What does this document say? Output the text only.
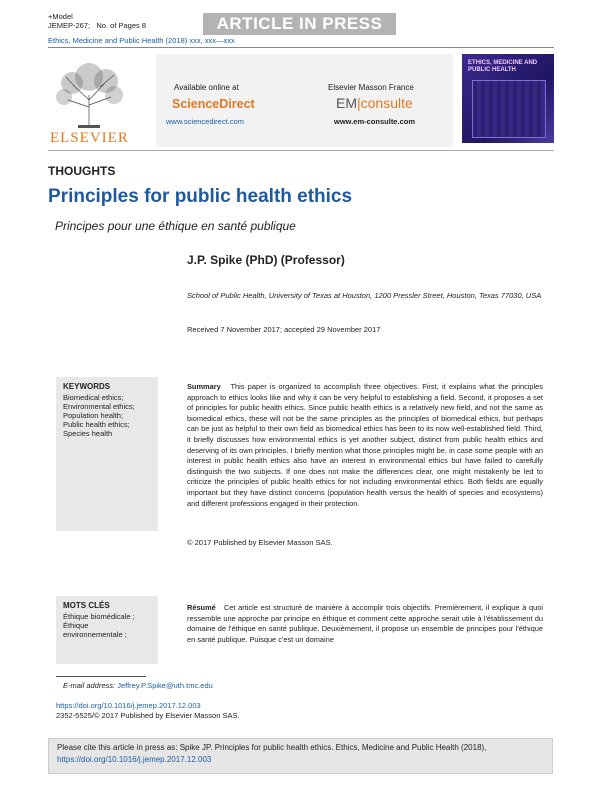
+Model
JEMEP-267; No. of Pages 8	ARTICLE IN PRESS
Ethics, Medicine and Public Health (2018) xxx, xxx—xxx
ELSEVIER
Available online at
ScienceDirect
www.sciencedirect.com
Elsevier Masson France
EM|consulte
www.em-consulte.com
ETHICS, MEDICINE AND PUBLIC HEALTH
THOUGHTS
Principles for public health ethics
Principes pour une éthique en santé publique
J.P. Spike (PhD) (Professor)
School of Public Health, University of Texas at Houston, 1200 Pressler Street, Houston, Texas 77030, USA
Received 7 November 2017; accepted 29 November 2017
KEYWORDS
Biomedical ethics;
Environmental ethics;
Population health;
Public health ethics;
Species health
Summary This paper is organized to accomplish three objectives. First, it explains what the principles approach to ethics looks like and why it can be very helpful to establishing a field. Second, it proposes a set of principles for public health ethics. Since public health ethics is a relatively new field, and not the same as biomedical ethics, these will not be the same principles as the principles of biomedical ethics, but perhaps can be just as helpful to their own field as biomedical ethics has been to its now well-established field. Third, it briefly discusses how environmental ethics is yet another subject, distinct from public health ethics and deserving of its own principles. I briefly mention what those principles might be, in case some people with an interest in public health ethics also have an interest in environmental ethics but have failed to carefully distinguish the two subjects. If one does not make the differences clear, one might mistakenly be led to criticize the principles of public health ethics for not including environmental ethics. Both fields are equally important but they have distinct concerns (population health versus the health of species and ecosystems) and different professions engaged in their protection.
© 2017 Published by Elsevier Masson SAS.
MOTS CLÉS
Éthique biomédicale ;
Éthique
environnementale ;
Résumé Cet article est structuré de manière à accomplir trois objectifs. Premièrement, il explique à quoi ressemble une approche par principe en éthique et comment cette approche serait utile à l'établissement du domaine de l'éthique en santé publique. Deuxièmement, il propose un ensemble de principes pour l'éthique en santé publique. Puisque c'est un domaine
E-mail address: Jeffrey.P.Spike@uth.tmc.edu
https://doi.org/10.1016/j.jemep.2017.12.003
2352-5525/© 2017 Published by Elsevier Masson SAS.
Please cite this article in press as: Spike JP. Principles for public health ethics. Ethics, Medicine and Public Health (2018),
https://doi.org/10.1016/j.jemep.2017.12.003
